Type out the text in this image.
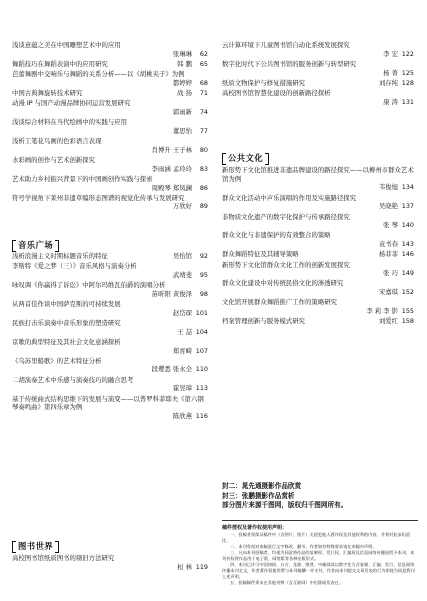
浅谈意蕴之美在中国雕塑艺术中的应用
张琳琳 62
舞蹈技巧在舞蹈表演中的应用研究	韩 鹏 65
芭蕾舞剧中交响乐与舞蹈的关系分析——以《胡桃夹子》为例
都婷婷 68
中国古典舞旋转技术研究	战 扬 71
动漫 IP 与国产动漫品牌协同运营发展研究
郭雨新 74
浅谈综合材料在当代绘画中的实践与应用
董思怡 77
浅析工笔花鸟画的色彩语言表现
肖博升 王子林 80
水彩画的创作与艺术创新探究
李雨涵 孟玲玲 83
艺术助力乡村振兴背景下的中国画创作实践与探索
周殿琴 郑凤澜 86
符号学视角下莱州非遗草编形态图谱的视觉化传承与发展研究
万欣好 89
音乐广场
浅析浪漫主义时期标题音乐的特征	吴怡馆 92
李斯特《爱之梦（三）》音乐风格与演奏分析
武靖斐 95
咏叹调《你赢得了诉讼》中阿尔玛维瓦伯爵的演唱分析
苗昕阳 黄俊泽 98
从两首佳作谈中国萨克斯的可持续发展
赵岱琛 101
民族打击乐演奏中音乐形象的塑造研究
王 喆 104
京歌的典型特征及其社会文化意涵探析
郑育畸 107
《乌苏里船歌》的艺术特征分析
段璎悉 张永全 110
二胡演奏艺术中乐感与演奏技巧的融合思考
霍昱璋 113
基于传统曲式结构思维下的发展与演变——以普罗科菲耶夫《第六钢琴奏鸣曲》第四乐章为例
陈欣燕 116
图书世界
高校图书馆纸质图书的剔旧方法研究
桓 林 119
云计算环境下儿童图书馆自动化系统发展探究
李 宏 122
数字化时代下公共图书馆的服务创新与转型研究
杨 菁 125
纸质文物保护与修复措施研究	刘存纯 128
高校图书馆智慧化建设的创新路径探析
康 涛 131
公共文化
新形势下文化馆推进非遗品牌建设的路径探究——以柳州市群众艺术馆为例
韦俊旭 134
群众文化活动中声乐演唱的作用及实施路径探究
吴晓艳 137
非物质文化遗产的数字化保护与传承路径探究
张 琴 140
群众文化与非遗保护的有效整合的策略
袁书春 143
群众舞蹈特征及其辅导策略	杨菲菲 146
新形势下文化馆群众文化工作的创新发展探究
张 巧 149
群众文化建设中对传统民俗文化的渗透研究
宋嘉琪 152
文化馆开展群众舞蹈推广工作的策略研究
李 莉 李 影 155
档案管理创新与服务模式研究	刘爱红 158
封二：晁先通摄影作品欣赏
封三：张鹏摄影作品赏析
部分图片来源千图网，版权归千图网所有。
稿件授权及著作权使用声明：

一、投稿者须保证稿件中（含图片、照片）无侵犯他人著作权及其他权利的内容，并须对此承担责任。

二、本刊有权对来稿进行文字修改、删节，作者如有特殊要求请在来稿中声明。

三、凡向本刊投稿者，均视为同意将作品的复制权、发行权、汇编权及信息网络传播权授予本刊，本刊有权将作品用于电子版、网络版等各种出版形式。

四、本刊已许可中国知网、万方、龙源、维普、中邮阅读以数字化方式复制、汇编、发行、信息网络传播本刊全文，作者著作权使用费与本刊稿酬一并支付。作者向本刊提交文章发表的行为即视为同意我刊上述声明。

五、投稿稿件须未在其他刊物（含互联网）中出版或发表过。
